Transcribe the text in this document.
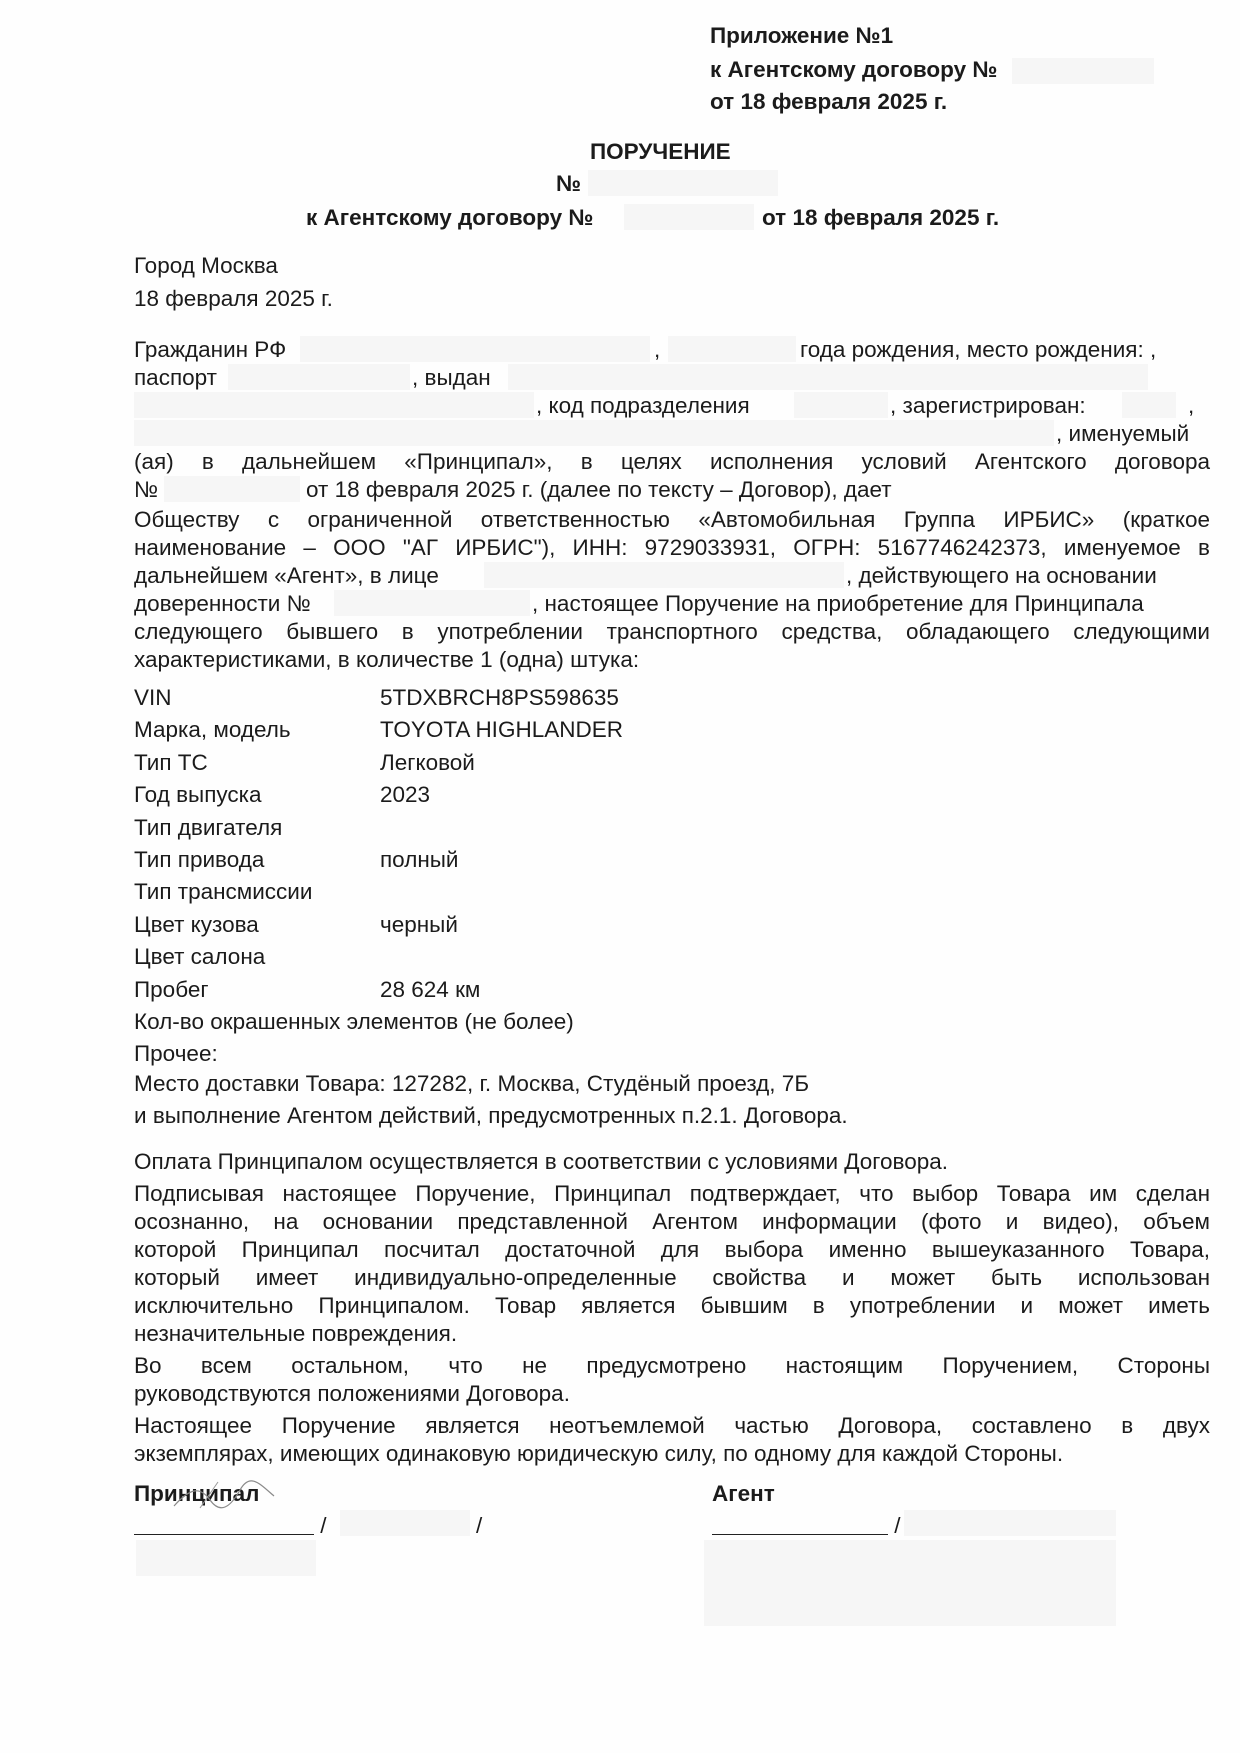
Приложение №1
к Агентскому договору №
от 18 февраля 2025 г.
ПОРУЧЕНИЕ
№
к Агентскому договору №	от 18 февраля 2025 г.
Город Москва
18 февраля 2025 г.
Гражданин РФ	,	года рождения, место рождения: ,
паспорт	, выдан
, код подразделения	, зарегистрирован:	,
, именуемый
(ая) в дальнейшем «Принципал», в целях исполнения условий Агентского договора
№	от 18 февраля 2025 г. (далее по тексту – Договор), дает
Обществу с ограниченной ответственностью «Автомобильная Группа ИРБИС» (краткое
наименование – ООО "АГ ИРБИС"), ИНН: 9729033931, ОГРН: 5167746242373, именуемое в
дальнейшем «Агент», в лице	, действующего на основании
доверенности №	, настоящее Поручение на приобретение для Принципала
следующего бывшего в употреблении транспортного средства, обладающего следующими
характеристиками, в количестве 1 (одна) штука:
VIN	5TDXBRCH8PS598635
Марка, модель	TOYOTA HIGHLANDER
Тип ТС	Легковой
Год выпуска	2023
Тип двигателя
Тип привода	полный
Тип трансмиссии
Цвет кузова	черный
Цвет салона
Пробег	28 624 км
Кол-во окрашенных элементов (не более)
Прочее:
Место доставки Товара: 127282, г. Москва, Студёный проезд, 7Б
и выполнение Агентом действий, предусмотренных п.2.1. Договора.
Оплата Принципалом осуществляется в соответствии с условиями Договора.
Подписывая настоящее Поручение, Принципал подтверждает, что выбор Товара им сделан
осознанно, на основании представленной Агентом информации (фото и видео), объем
которой Принципал посчитал достаточной для выбора именно вышеуказанного Товара,
который имеет индивидуально-определенные свойства и может быть использован
исключительно Принципалом. Товар является бывшим в употреблении и может иметь
незначительные повреждения.
Во всем остальном, что не предусмотрено настоящим Поручением, Стороны
руководствуются положениями Договора.
Настоящее Поручение является неотъемлемой частью Договора, составлено в двух
экземплярах, имеющих одинаковую юридическую силу, по одному для каждой Стороны.
Принципал	Агент
/	/	/
